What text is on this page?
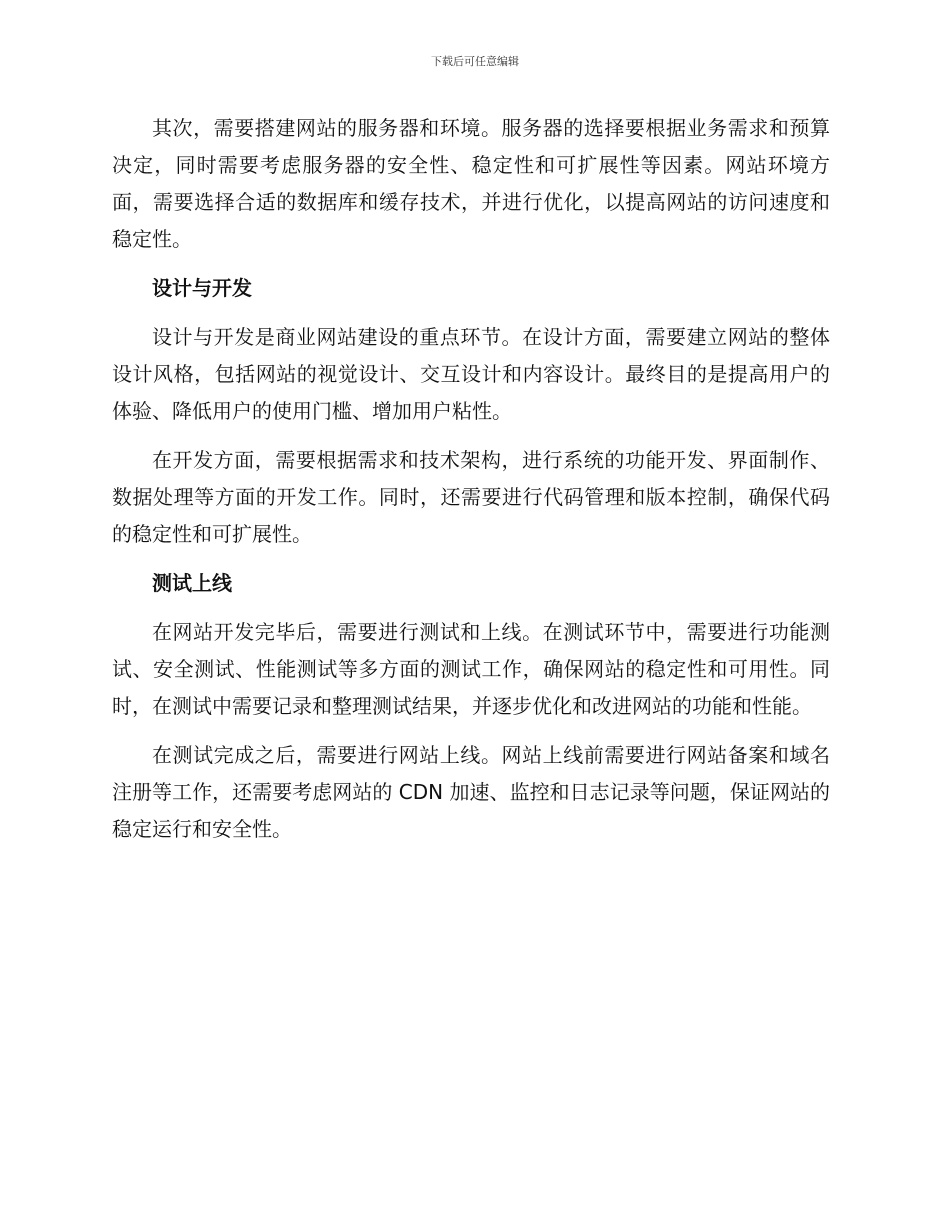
下载后可任意编辑

其次，需要搭建网站的服务器和环境。服务器的选择要根据业务需求和预算决定，同时需要考虑服务器的安全性、稳定性和可扩展性等因素。网站环境方面，需要选择合适的数据库和缓存技术，并进行优化，以提高网站的访问速度和稳定性。

设计与开发

设计与开发是商业网站建设的重点环节。在设计方面，需要建立网站的整体设计风格，包括网站的视觉设计、交互设计和内容设计。最终目的是提高用户的体验、降低用户的使用门槛、增加用户粘性。

在开发方面，需要根据需求和技术架构，进行系统的功能开发、界面制作、数据处理等方面的开发工作。同时，还需要进行代码管理和版本控制，确保代码的稳定性和可扩展性。

测试上线

在网站开发完毕后，需要进行测试和上线。在测试环节中，需要进行功能测试、安全测试、性能测试等多方面的测试工作，确保网站的稳定性和可用性。同时，在测试中需要记录和整理测试结果，并逐步优化和改进网站的功能和性能。

在测试完成之后，需要进行网站上线。网站上线前需要进行网站备案和域名注册等工作，还需要考虑网站的 CDN 加速、监控和日志记录等问题，保证网站的稳定运行和安全性。
